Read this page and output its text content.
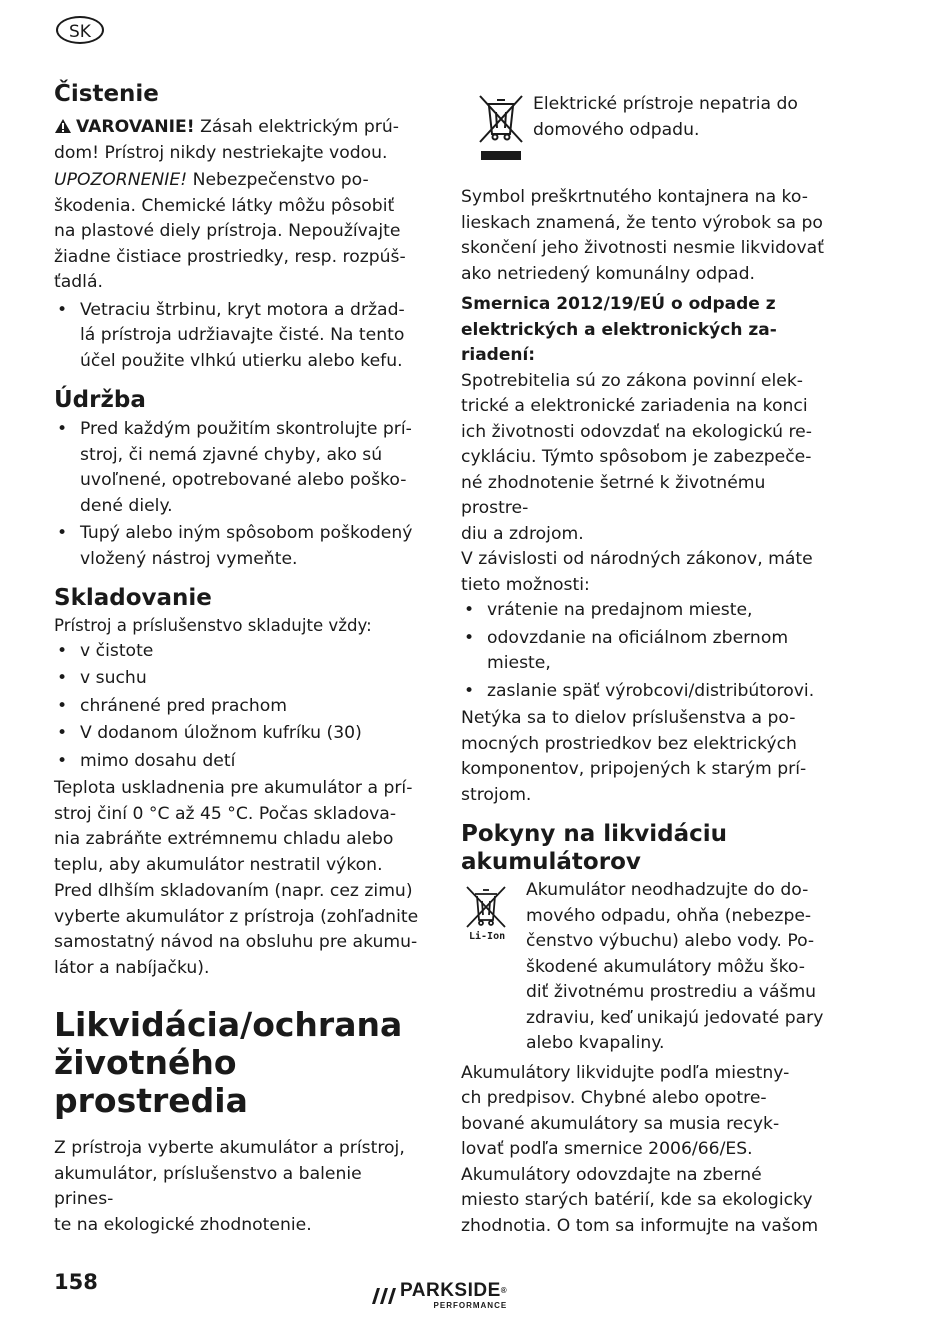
SK
Čistenie

VAROVANIE! Zásah elektrickým prú-
dom! Prístroj nikdy nestriekajte vodou.

UPOZORNENIE! Nebezpečenstvo po-
škodenia. Chemické látky môžu pôsobiť
na plastové diely prístroja. Nepoužívajte
žiadne čistiace prostriedky, resp. rozpúš-
ťadlá.

• Vetraciu štrbinu, kryt motora a držad-
lá prístroja udržiavajte čisté. Na tento
účel použite vlhkú utierku alebo kefu.
Údržba
• Pred každým použitím skontrolujte prí-
stroj, či nemá zjavné chyby, ako sú
uvoľnené, opotrebované alebo poško-
dené diely.
• Tupý alebo iným spôsobom poškodený
vložený nástroj vymeňte.
Skladovanie

Prístroj a príslušenstvo skladujte vždy:

• v čistote
• v suchu
• chránené pred prachom
• V dodanom úložnom kufríku (30)
• mimo dosahu detí

Teplota uskladnenia pre akumulátor a prí-
stroj činí 0 °C až 45 °C. Počas skladova-
nia zabráňte extrémnemu chladu alebo
teplu, aby akumulátor nestratil výkon.

Pred dlhším skladovaním (napr. cez zimu)
vyberte akumulátor z prístroja (zohľadnite
samostatný návod na obsluhu pre akumu-
látor a nabíjačku).

Likvidácia/ochrana
životného prostredia

Z prístroja vyberte akumulátor a prístroj,
akumulátor, príslušenstvo a balenie prines-
te na ekologické zhodnotenie.

Elektrické prístroje nepatria do
domového odpadu.

Symbol preškrtnutého kontajnera na ko-
lieskach znamená, že tento výrobok sa po
skončení jeho životnosti nesmie likvidovať
ako netriedený komunálny odpad.

Smernica 2012/19/EÚ o odpade z
elektrických a elektronických za-
riadení:

Spotrebitelia sú zo zákona povinní elek-
trické a elektronické zariadenia na konci
ich životnosti odovzdať na ekologickú re-
cykláciu. Týmto spôsobom je zabezpeče-
né zhodnotenie šetrné k životnému prostre-
diu a zdrojom.

V závislosti od národných zákonov, máte
tieto možnosti:

• vrátenie na predajnom mieste,
• odovzdanie na oficiálnom zbernom
mieste,
• zaslanie späť výrobcovi/distribútorovi.

Netýka sa to dielov príslušenstva a po-
mocných prostriedkov bez elektrických
komponentov, pripojených k starým prí-
strojom.

Pokyny na likvidáciu
akumulátorov
Li-Ion

Akumulátor neodhadzujte do do-
mového odpadu, ohňa (nebezpe-
čenstvo výbuchu) alebo vody. Po-
škodené akumulátory môžu ško-
diť životnému prostrediu a vášmu
zdraviu, keď unikajú jedovaté pary
alebo kvapaliny.

Akumulátory likvidujte podľa miestny-
ch predpisov. Chybné alebo opotre-
bované akumulátory sa musia recyk-
lovať podľa smernice 2006/66/ES.
Akumulátory odovzdajte na zberné
miesto starých batérií, kde sa ekologicky
zhodnotia. O tom sa informujte na vašom

158	PARKSIDE®
PERFORMANCE
